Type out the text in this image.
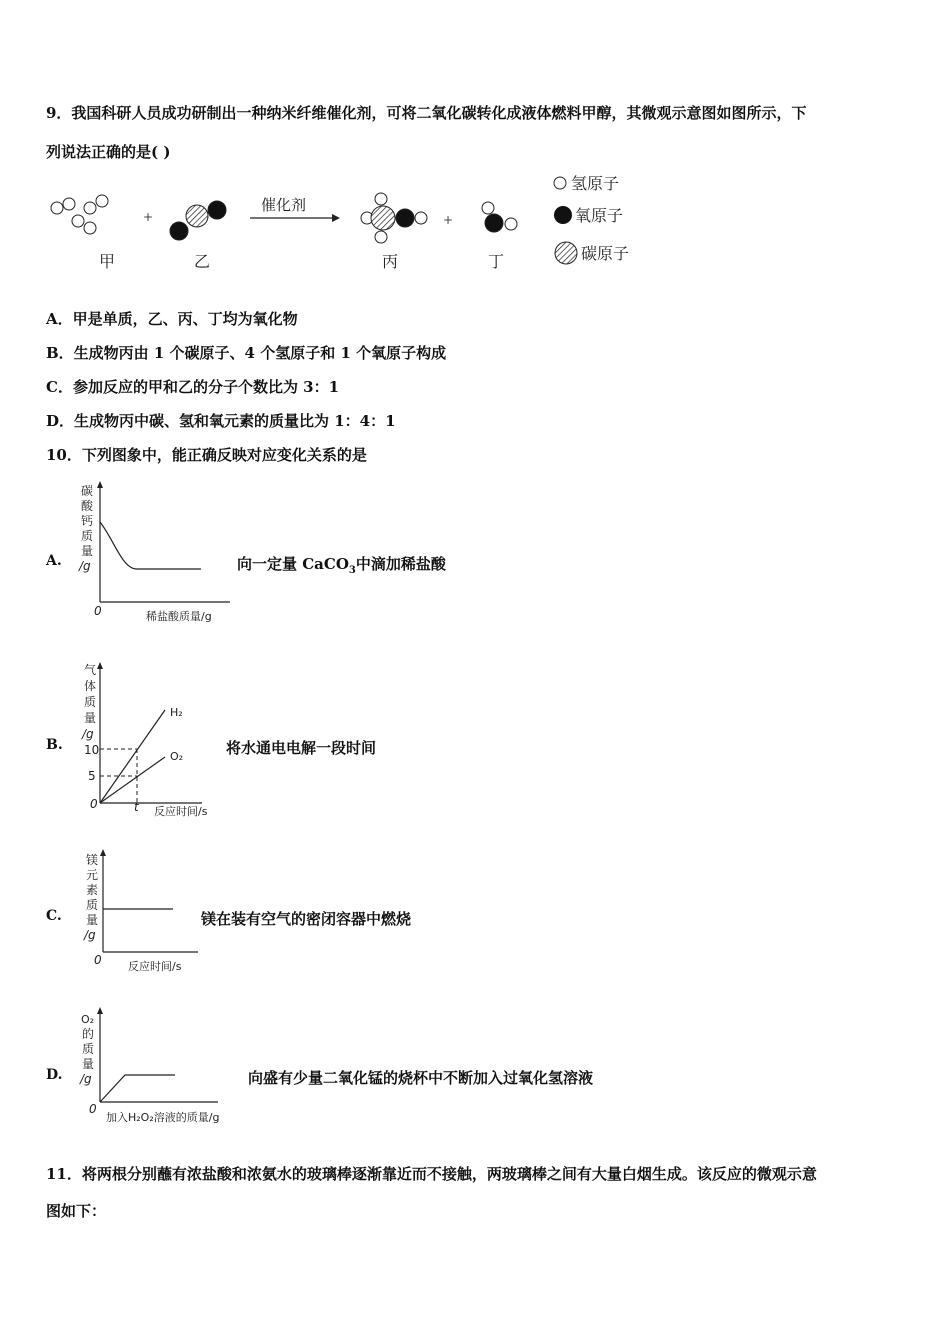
9．我国科研人员成功研制出一种纳米纤维催化剂，可将二氧化碳转化成液体燃料甲醇，其微观示意图如图所示，下
列说法正确的是( )
+
催化剂
+
甲	乙	丙	丁
氢原子
氧原子
碳原子
A．甲是单质，乙、丙、丁均为氧化物
B．生成物丙由 1 个碳原子、4 个氢原子和 1 个氧原子构成
C．参加反应的甲和乙的分子个数比为 3：1
D．生成物丙中碳、氢和氧元素的质量比为 1：4：1
10．下列图象中，能正确反映对应变化关系的是
A.
碳
酸
钙
质
量
/g
0	稀盐酸质量/g
向一定量 CaCO$_3$中滴加稀盐酸
B.
气
体
质
量
/g
10
5
0	t 反应时间/s
H₂
O₂	将水通电电解一段时间
C.
镁
元
素
质
量
/g
0 反应时间/s
镁在装有空气的密闭容器中燃烧
D.
O₂
的
质
量
/g
0
加入H₂O₂溶液的质量/g
向盛有少量二氧化锰的烧杯中不断加入过氧化氢溶液
11．将两根分别蘸有浓盐酸和浓氨水的玻璃棒逐渐靠近而不接触，两玻璃棒之间有大量白烟生成。该反应的微观示意
图如下：
